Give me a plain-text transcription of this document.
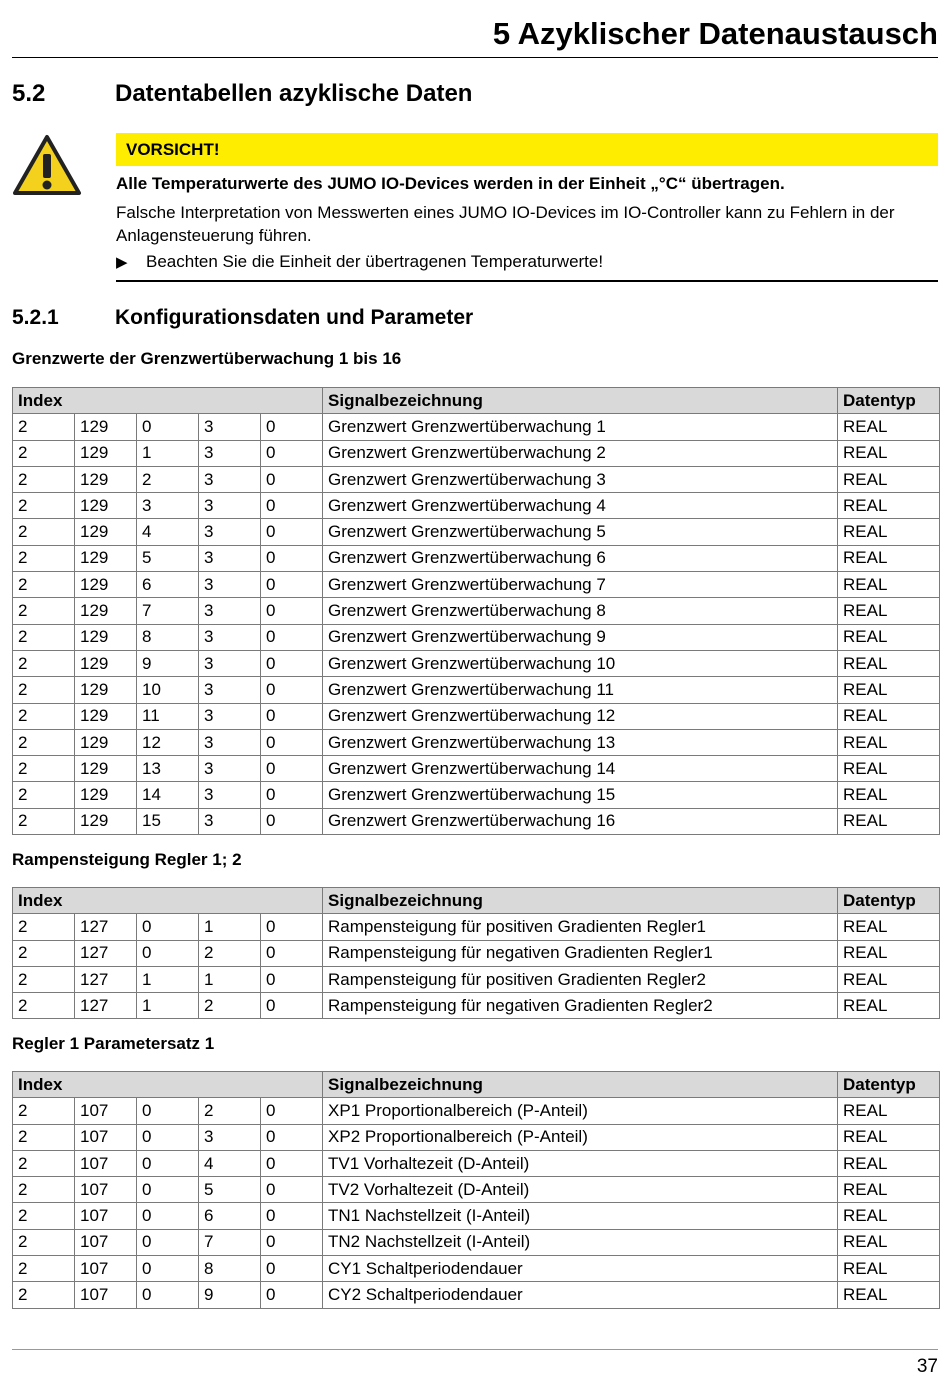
5 Azyklischer Datenaustausch
5.2	Datentabellen azyklische Daten
VORSICHT!
Alle Temperaturwerte des JUMO IO-Devices werden in der Einheit „°C“ übertragen.
Falsche Interpretation von Messwerten eines JUMO IO-Devices im IO-Controller kann zu Fehlern in der Anlagensteuerung führen.
▶ Beachten Sie die Einheit der übertragenen Temperaturwerte!
5.2.1	Konfigurationsdaten und Parameter
Grenzwerte der Grenzwertüberwachung 1 bis 16
Index					Signalbezeichnung	Datentyp
2	129	0	3	0	Grenzwert Grenzwertüberwachung 1	REAL
2	129	1	3	0	Grenzwert Grenzwertüberwachung 2	REAL
2	129	2	3	0	Grenzwert Grenzwertüberwachung 3	REAL
2	129	3	3	0	Grenzwert Grenzwertüberwachung 4	REAL
2	129	4	3	0	Grenzwert Grenzwertüberwachung 5	REAL
2	129	5	3	0	Grenzwert Grenzwertüberwachung 6	REAL
2	129	6	3	0	Grenzwert Grenzwertüberwachung 7	REAL
2	129	7	3	0	Grenzwert Grenzwertüberwachung 8	REAL
2	129	8	3	0	Grenzwert Grenzwertüberwachung 9	REAL
2	129	9	3	0	Grenzwert Grenzwertüberwachung 10	REAL
2	129	10	3	0	Grenzwert Grenzwertüberwachung 11	REAL
2	129	11	3	0	Grenzwert Grenzwertüberwachung 12	REAL
2	129	12	3	0	Grenzwert Grenzwertüberwachung 13	REAL
2	129	13	3	0	Grenzwert Grenzwertüberwachung 14	REAL
2	129	14	3	0	Grenzwert Grenzwertüberwachung 15	REAL
2	129	15	3	0	Grenzwert Grenzwertüberwachung 16	REAL
Rampensteigung Regler 1; 2
Index					Signalbezeichnung	Datentyp
2	127	0	1	0	Rampensteigung für positiven Gradienten Regler1	REAL
2	127	0	2	0	Rampensteigung für negativen Gradienten Regler1	REAL
2	127	1	1	0	Rampensteigung für positiven Gradienten Regler2	REAL
2	127	1	2	0	Rampensteigung für negativen Gradienten Regler2	REAL
Regler 1 Parametersatz 1
Index					Signalbezeichnung	Datentyp
2	107	0	2	0	XP1 Proportionalbereich (P-Anteil)	REAL
2	107	0	3	0	XP2 Proportionalbereich (P-Anteil)	REAL
2	107	0	4	0	TV1 Vorhaltezeit (D-Anteil)	REAL
2	107	0	5	0	TV2 Vorhaltezeit (D-Anteil)	REAL
2	107	0	6	0	TN1 Nachstellzeit (I-Anteil)	REAL
2	107	0	7	0	TN2 Nachstellzeit (I-Anteil)	REAL
2	107	0	8	0	CY1 Schaltperiodendauer	REAL
2	107	0	9	0	CY2 Schaltperiodendauer	REAL
37
